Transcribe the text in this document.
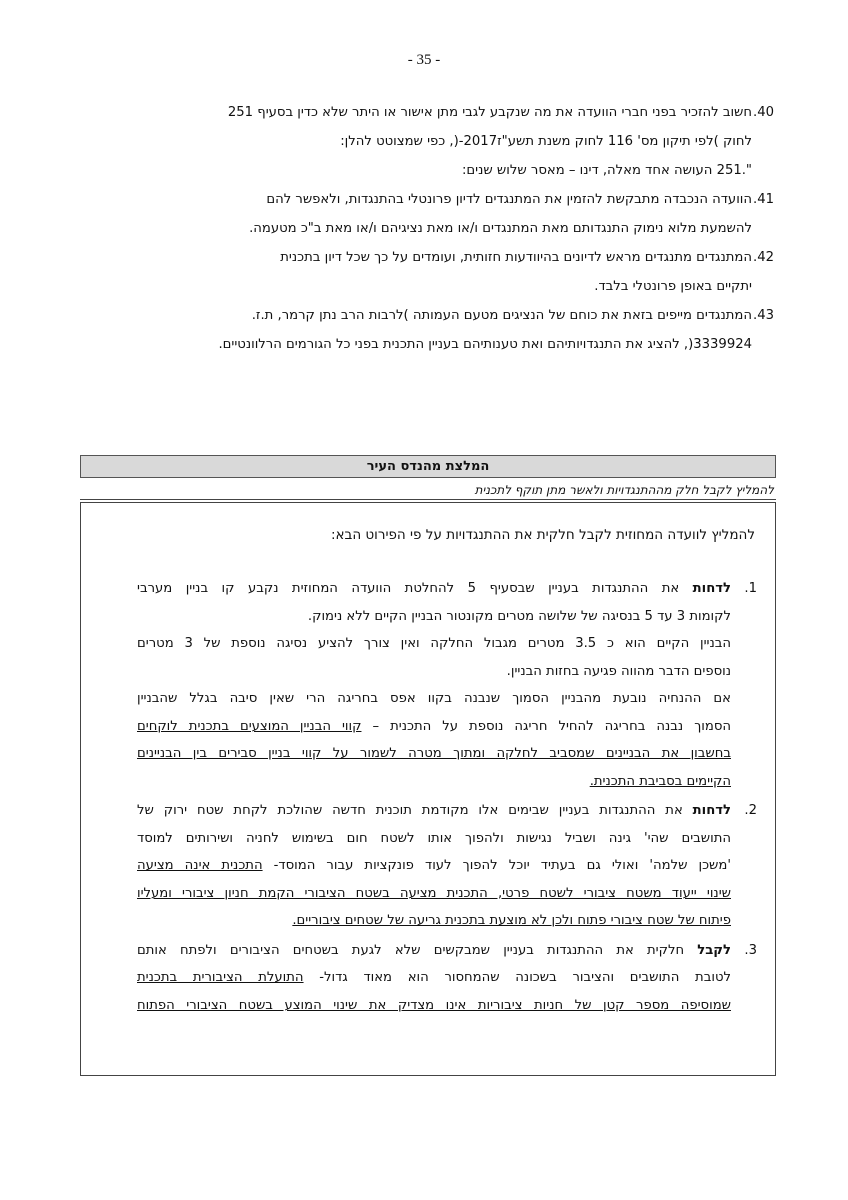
- 35 -
40.
חשוב להזכיר בפני חברי הוועדה את מה שנקבע לגבי מתן אישור או היתר שלא כדין בסעיף 251
לחוק )לפי תיקון מס' 116 לחוק משנת תשע"ז2017-(, כפי שמצוטט להלן:
".251 העושה אחד מאלה, דינו – מאסר שלוש שנים:
41.
הוועדה הנכבדה מתבקשת להזמין את המתנגדים לדיון פרונטלי בהתנגדות, ולאפשר להם
להשמעת מלוא נימוק התנגדותם מאת המתנגדים ו/או מאת נציגיהם ו/או מאת ב"כ מטעמה.
42.
המתנגדים מתנגדים מראש לדיונים בהיוודעות חזותית, ועומדים על כך שכל דיון בתכנית
יתקיים באופן פרונטלי בלבד.
43.
המתנגדים מייפים בזאת את כוחם של הנציגים מטעם העמותה )לרבות הרב נתן קרמר, ת.ז.
3339924(, להציג את התנגדויותיהם ואת טענותיהם בעניין התכנית בפני כל הגורמים הרלוונטיים.
המלצת מהנדס העיר
להמליץ לקבל חלק מההתנגדויות ולאשר מתן תוקף לתכנית
להמליץ לוועדה המחוזית לקבל חלקית את ההתנגדויות על פי הפירוט הבא:
1.
לדחות את ההתנגדות בעניין שבסעיף 5 להחלטת הוועדה המחוזית נקבע קו בניין מערבי
לקומות 3 עד 5 בנסיגה של שלושה מטרים מקונטור הבניין הקיים ללא נימוק.
הבניין הקיים הוא כ 3.5 מטרים מגבול החלקה ואין צורך להציע נסיגה נוספת של 3 מטרים
נוספים הדבר מהווה פגיעה בחזות הבניין.
אם ההנחיה נובעת מהבניין הסמוך שנבנה בקוו אפס בחריגה הרי שאין סיבה בגלל שהבניין
הסמוך נבנה בחריגה להחיל חריגה נוספת על התכנית – קווי הבניין המוצעים בתכנית לוקחים
בחשבון את הבניינים שמסביב לחלקה ומתוך מטרה לשמור על קווי בניין סבירים בין הבניינים
הקיימים בסביבת התכנית.
2.
לדחות את ההתנגדות בעניין שבימים אלו מקודמת תוכנית חדשה שהולכת לקחת שטח ירוק של
התושבים שהי' גינה ושביל נגישות ולהפוך אותו לשטח חום בשימוש לחניה ושירותים למוסד
'משכן שלמה' ואולי גם בעתיד יוכל להפוך לעוד פונקציות עבור המוסד- התכנית אינה מציעה
שינוי ייעוד משטח ציבורי לשטח פרטי, התכנית מציעה בשטח הציבורי הקמת חניון ציבורי ומעליו
פיתוח של שטח ציבורי פתוח ולכן לא מוצעת בתכנית גריעה של שטחים ציבוריים.
3.
לקבל חלקית את ההתנגדות בעניין שמבקשים שלא לגעת בשטחים הציבורים ולפתח אותם
לטובת התושבים והציבור בשכונה שהמחסור הוא מאוד גדול- התועלת הציבורית בתכנית
שמוסיפה מספר קטן של חניות ציבוריות אינו מצדיק את שינוי המוצע בשטח הציבורי הפתוח
